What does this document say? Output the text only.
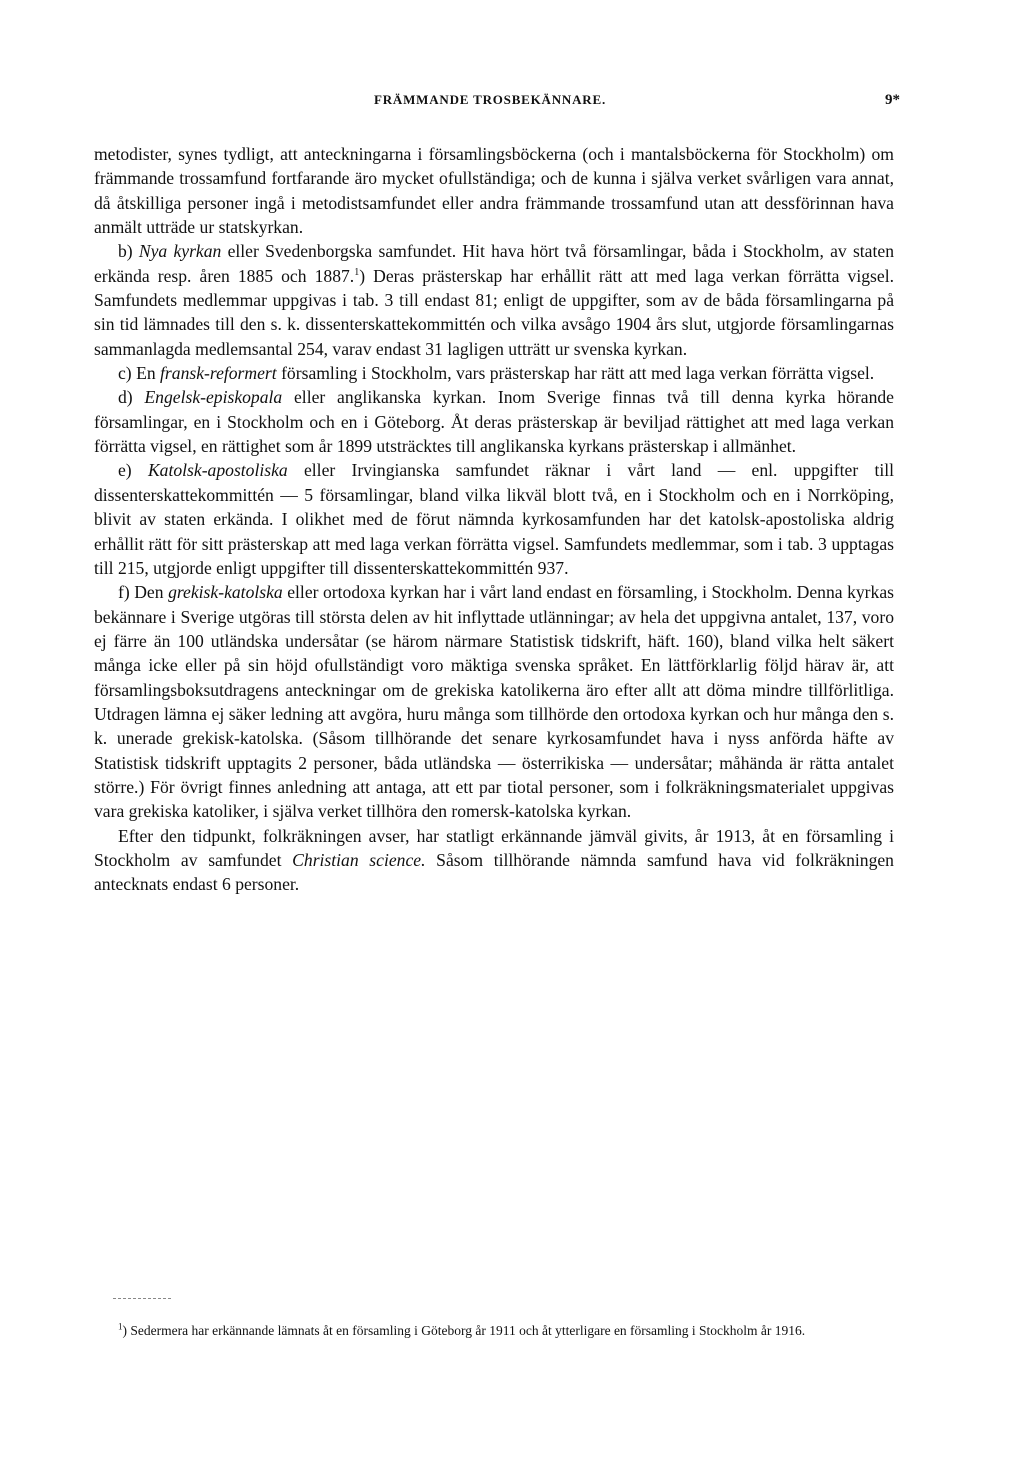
FRÄMMANDE TROSBEKÄNNARE.	9*

metodister, synes tydligt, att anteckningarna i församlingsböckerna (och i mantalsböckerna för Stockholm) om främmande trossamfund fortfarande äro mycket ofullständiga; och de kunna i själva verket svårligen vara annat, då åtskilliga personer ingå i metodistsamfundet eller andra främmande trossamfund utan att dessförinnan hava anmält utträde ur statskyrkan.

b) Nya kyrkan eller Svedenborgska samfundet. Hit hava hört två församlingar, båda i Stockholm, av staten erkända resp. åren 1885 och 1887.$^1$) Deras prästerskap har erhållit rätt att med laga verkan förrätta vigsel. Samfundets medlemmar uppgivas i tab. 3 till endast 81; enligt de uppgifter, som av de båda församlingarna på sin tid lämnades till den s. k. dissenterskattekommittén och vilka avsågo 1904 års slut, utgjorde församlingarnas sammanlagda medlemsantal 254, varav endast 31 lagligen utträtt ur svenska kyrkan.

c) En fransk-reformert församling i Stockholm, vars prästerskap har rätt att med laga verkan förrätta vigsel.

d) Engelsk-episkopala eller anglikanska kyrkan. Inom Sverige finnas två till denna kyrka hörande församlingar, en i Stockholm och en i Göteborg. Åt deras prästerskap är beviljad rättighet att med laga verkan förrätta vigsel, en rättighet som år 1899 utsträcktes till anglikanska kyrkans prästerskap i allmänhet.

e) Katolsk-apostoliska eller Irvingianska samfundet räknar i vårt land — enl. uppgifter till dissenterskattekommittén — 5 församlingar, bland vilka likväl blott två, en i Stockholm och en i Norrköping, blivit av staten erkända. I olikhet med de förut nämnda kyrkosamfunden har det katolsk-apostoliska aldrig erhållit rätt för sitt prästerskap att med laga verkan förrätta vigsel. Samfundets medlemmar, som i tab. 3 upptagas till 215, utgjorde enligt uppgifter till dissenterskattekommittén 937.

f) Den grekisk-katolska eller ortodoxa kyrkan har i vårt land endast en församling, i Stockholm. Denna kyrkas bekännare i Sverige utgöras till största delen av hit inflyttade utlänningar; av hela det uppgivna antalet, 137, voro ej färre än 100 utländska undersåtar (se härom närmare Statistisk tidskrift, häft. 160), bland vilka helt säkert många icke eller på sin höjd ofullständigt voro mäktiga svenska språket. En lättförklarlig följd härav är, att församlingsboksutdragens anteckningar om de grekiska katolikerna äro efter allt att döma mindre tillförlitliga. Utdragen lämna ej säker ledning att avgöra, huru många som tillhörde den ortodoxa kyrkan och hur många den s. k. unerade grekisk-katolska. (Såsom tillhörande det senare kyrkosamfundet hava i nyss anförda häfte av Statistisk tidskrift upptagits 2 personer, båda utländska — österrikiska — undersåtar; måhända är rätta antalet större.) För övrigt finnes anledning att antaga, att ett par tiotal personer, som i folkräkningsmaterialet uppgivas vara grekiska katoliker, i själva verket tillhöra den romersk-katolska kyrkan.

Efter den tidpunkt, folkräkningen avser, har statligt erkännande jämväl givits, år 1913, åt en församling i Stockholm av samfundet Christian science. Såsom tillhörande nämnda samfund hava vid folkräkningen antecknats endast 6 personer.

$^1$) Sedermera har erkännande lämnats åt en församling i Göteborg år 1911 och åt ytterligare en församling i Stockholm år 1916.
